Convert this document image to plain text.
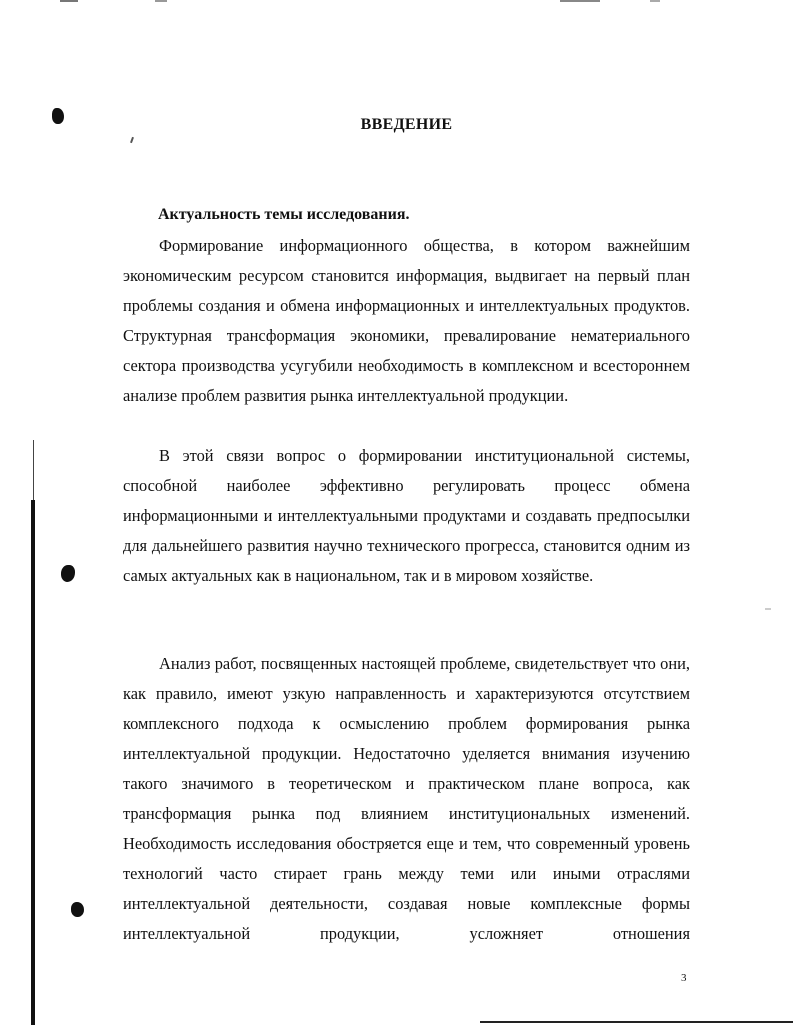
ВВЕДЕНИЕ
Актуальность темы исследования.

Формирование информационного общества, в котором важнейшим экономическим ресурсом становится информация, выдвигает на первый план проблемы создания и обмена информационных и интеллектуальных продуктов. Структурная трансформация экономики, превалирование нематериального сектора производства усугубили необходимость в комплексном и всестороннем анализе проблем развития рынка интеллектуальной продукции.

В этой связи вопрос о формировании институциональной системы, способной наиболее эффективно регулировать процесс обмена информационными и интеллектуальными продуктами и создавать предпосылки для дальнейшего развития научно технического прогресса, становится одним из самых актуальных как в национальном, так и в мировом хозяйстве.

Анализ работ, посвященных настоящей проблеме, свидетельствует что они, как правило, имеют узкую направленность и характеризуются отсутствием комплексного подхода к осмыслению проблем формирования рынка интеллектуальной продукции. Недостаточно уделяется внимания изучению такого значимого в теоретическом и практическом плане вопроса, как трансформация рынка под влиянием институциональных изменений. Необходимость исследования обостряется еще и тем, что современный уровень технологий часто стирает грань между теми или иными отраслями интеллектуальной деятельности, создавая новые комплексные формы интеллектуальной продукции, усложняет отношения

3
